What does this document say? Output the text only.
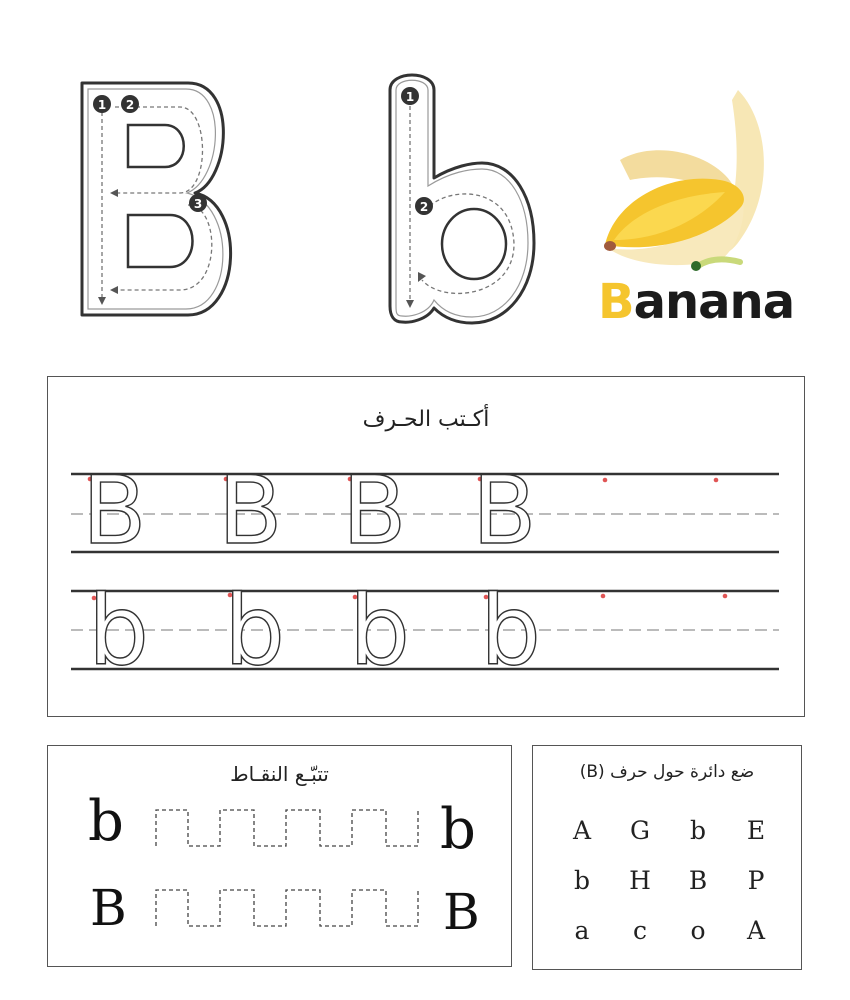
1 2
3
1
2
Banana
أكـتب الحـرف
B B B B
b b b b
تتبّـع النقـاط
b	b
B	B
ضع دائرة حول حرف (B)
A	G	b	E
b	H	B	P
a	c	o	A
